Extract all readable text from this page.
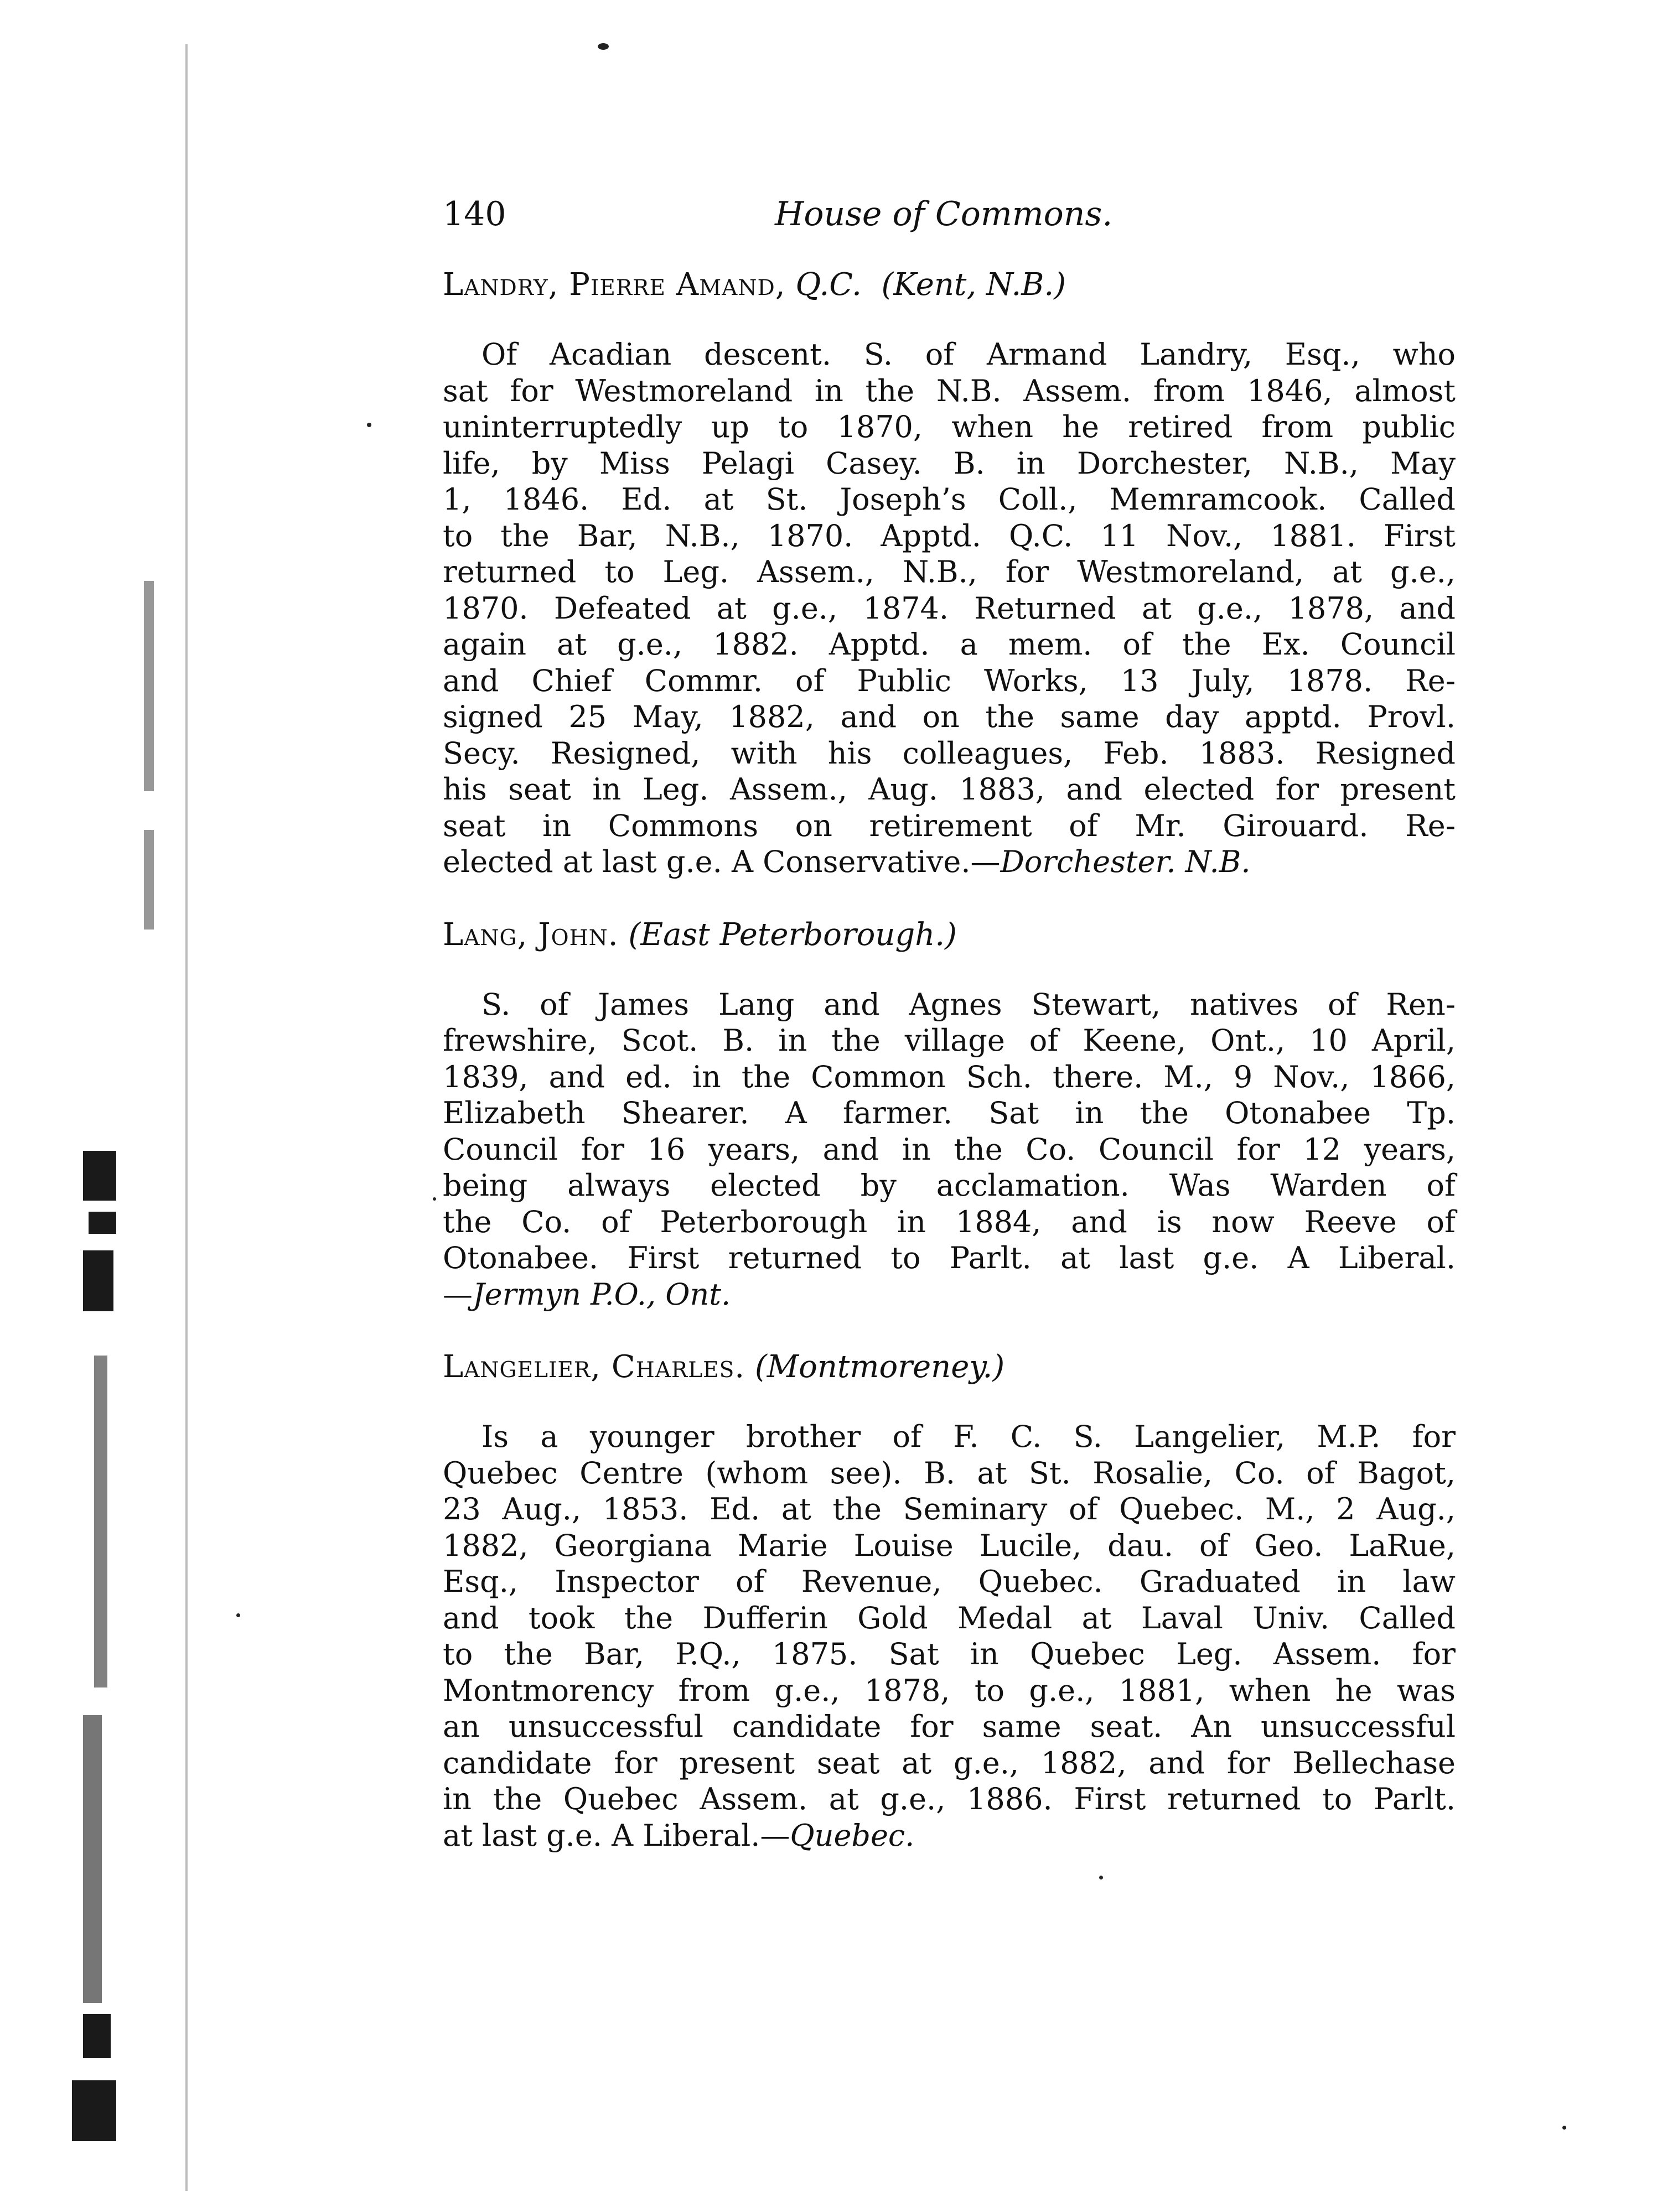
140	House of Commons.

Landry, Pierre Amand, Q.C. (Kent, N.B.)

Of Acadian descent. S. of Armand Landry, Esq., who
sat for Westmoreland in the N.B. Assem. from 1846, almost
uninterruptedly up to 1870, when he retired from public
life, by Miss Pelagi Casey. B. in Dorchester, N.B., May
1, 1846. Ed. at St. Joseph’s Coll., Memramcook. Called
to the Bar, N.B., 1870. Apptd. Q.C. 11 Nov., 1881. First
returned to Leg. Assem., N.B., for Westmoreland, at g.e.,
1870. Defeated at g.e., 1874. Returned at g.e., 1878, and
again at g.e., 1882. Apptd. a mem. of the Ex. Council
and Chief Commr. of Public Works, 13 July, 1878. Re-
signed 25 May, 1882, and on the same day apptd. Provl.
Secy. Resigned, with his colleagues, Feb. 1883. Resigned
his seat in Leg. Assem., Aug. 1883, and elected for present
seat in Commons on retirement of Mr. Girouard. Re-
elected at last g.e. A Conservative.—Dorchester. N.B.

Lang, John. (East Peterborough.)

S. of James Lang and Agnes Stewart, natives of Ren-
frewshire, Scot. B. in the village of Keene, Ont., 10 April,
1839, and ed. in the Common Sch. there. M., 9 Nov., 1866,
Elizabeth Shearer. A farmer. Sat in the Otonabee Tp.
Council for 16 years, and in the Co. Council for 12 years,
being always elected by acclamation. Was Warden of
the Co. of Peterborough in 1884, and is now Reeve of
Otonabee. First returned to Parlt. at last g.e. A Liberal.
—Jermyn P.O., Ont.

Langelier, Charles. (Montmoreney.)

Is a younger brother of F. C. S. Langelier, M.P. for
Quebec Centre (whom see). B. at St. Rosalie, Co. of Bagot,
23 Aug., 1853. Ed. at the Seminary of Quebec. M., 2 Aug.,
1882, Georgiana Marie Louise Lucile, dau. of Geo. LaRue,
Esq., Inspector of Revenue, Quebec. Graduated in law
and took the Dufferin Gold Medal at Laval Univ. Called
to the Bar, P.Q., 1875. Sat in Quebec Leg. Assem. for
Montmorency from g.e., 1878, to g.e., 1881, when he was
an unsuccessful candidate for same seat. An unsuccessful
candidate for present seat at g.e., 1882, and for Bellechase
in the Quebec Assem. at g.e., 1886. First returned to Parlt.
at last g.e. A Liberal.—Quebec.
